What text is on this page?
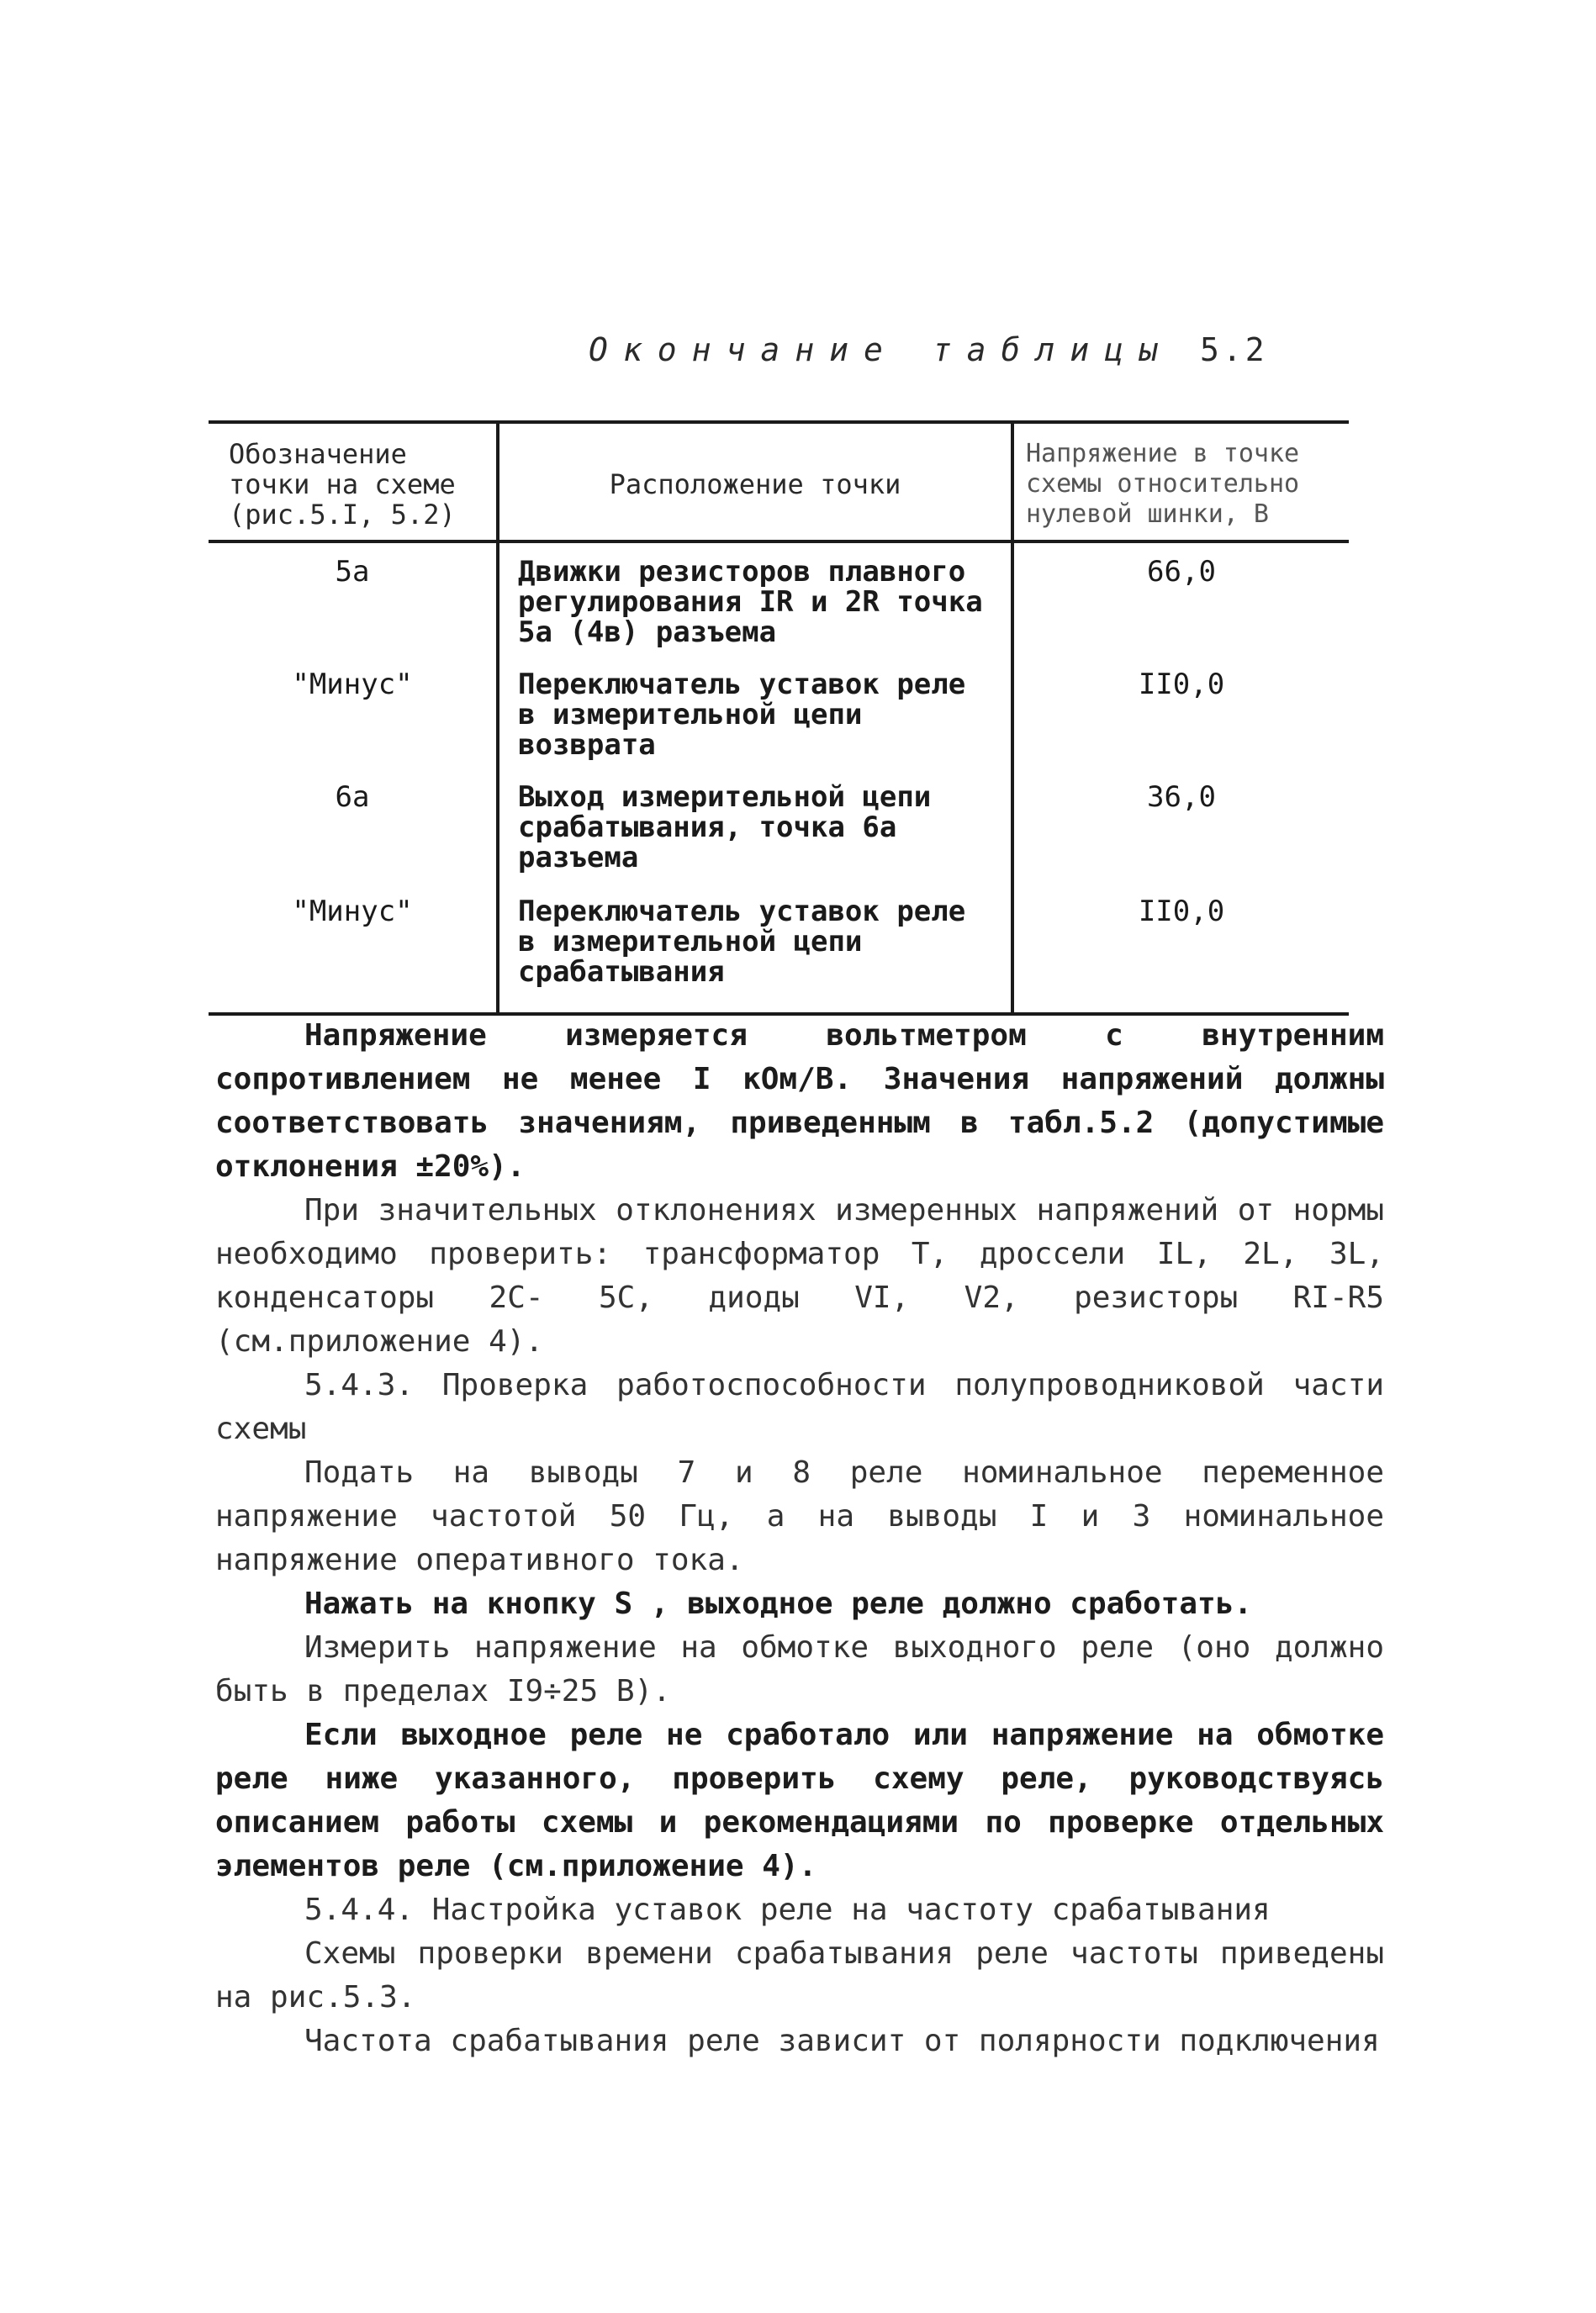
Окончание таблицы 5.2
Обозначение точки на схеме (рис.5.I, 5.2)	Расположение точки	Напряжение в точке схемы относительно нулевой шинки, В
5а	Движки резисторов плавного регулирования IR и 2R точка 5а (4в) разъема	66,0
"Минус"	Переключатель уставок реле в измерительной цепи возврата	II0,0
6а	Выход измерительной цепи срабатывания, точка 6а разъема	36,0
"Минус"	Переключатель уставок реле в измерительной цепи срабатывания	II0,0

Напряжение измеряется вольтметром с внутренним сопротивлением не менее I кОм/В. Значения напряжений должны соответствовать значениям, приведенным в табл.5.2 (допустимые отклонения ±20%).

При значительных отклонениях измеренных напряжений от нормы необходимо проверить: трансформатор Т, дроссели IL, 2L, 3L, конденсаторы 2С- 5С, диоды VI, V2, резисторы RI-R5 (см.приложение 4).

5.4.3. Проверка работоспособности полупроводниковой части схемы

Подать на выводы 7 и 8 реле номинальное переменное напряжение частотой 50 Гц, а на выводы I и 3 номинальное напряжение оперативного тока.

Нажать на кнопку S , выходное реле должно сработать.

Измерить напряжение на обмотке выходного реле (оно должно быть в пределах I9÷25 В).

Если выходное реле не сработало или напряжение на обмотке реле ниже указанного, проверить схему реле, руководствуясь описанием работы схемы и рекомендациями по проверке отдельных элементов реле (см.приложение 4).

5.4.4. Настройка уставок реле на частоту срабатывания

Схемы проверки времени срабатывания реле частоты приведены на рис.5.3.

Частота срабатывания реле зависит от полярности подключения
